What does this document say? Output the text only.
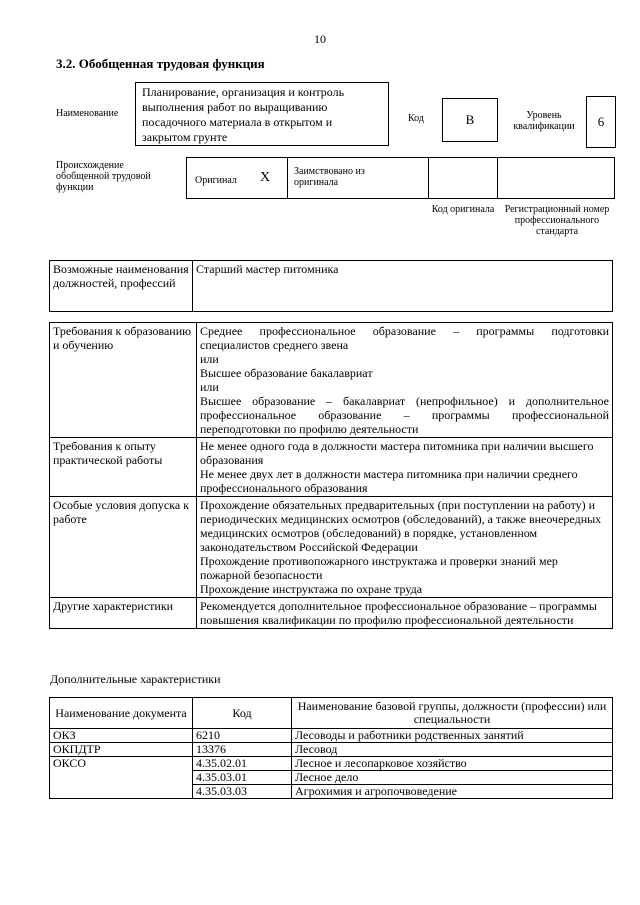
10
3.2. Обобщенная трудовая функция
Наименование
Планирование, организация и контроль выполнения работ по выращиванию посадочного материала в открытом и закрытом грунте
Код	B	Уровень квалификации	6
Происхождение обобщенной трудовой функции
Оригинал X Заимствовано из оригинала
Код оригинала	Регистрационный номер профессионального стандарта
Возможные наименования должностей, профессий	Старший мастер питомника
Требования к образованию и обучению	Среднее профессиональное образование – программы подготовки специалистов среднего звена
или
Высшее образование бакалавриат
или
Высшее образование – бакалавриат (непрофильное) и дополнительное профессиональное образование – программы профессиональной переподготовки по профилю деятельности

Требования к опыту практической работы	Не менее одного года в должности мастера питомника при наличии высшего образования
Не менее двух лет в должности мастера питомника при наличии среднего профессионального образования

Особые условия допуска к работе	Прохождение обязательных предварительных (при поступлении на работу) и периодических медицинских осмотров (обследований), а также внеочередных медицинских осмотров (обследований) в порядке, установленном законодательством Российской Федерации
Прохождение противопожарного инструктажа и проверки знаний мер пожарной безопасности
Прохождение инструктажа по охране труда

Другие характеристики	Рекомендуется дополнительное профессиональное образование – программы повышения квалификации по профилю профессиональной деятельности
Дополнительные характеристики
Наименование документа	Код	Наименование базовой группы, должности (профессии) или специальности
ОКЗ	6210	Лесоводы и работники родственных занятий
ОКПДТР	13376	Лесовод
ОКСО	4.35.02.01	Лесное и лесопарковое хозяйство
	4.35.03.01	Лесное дело
	4.35.03.03	Агрохимия и агропочвоведение
